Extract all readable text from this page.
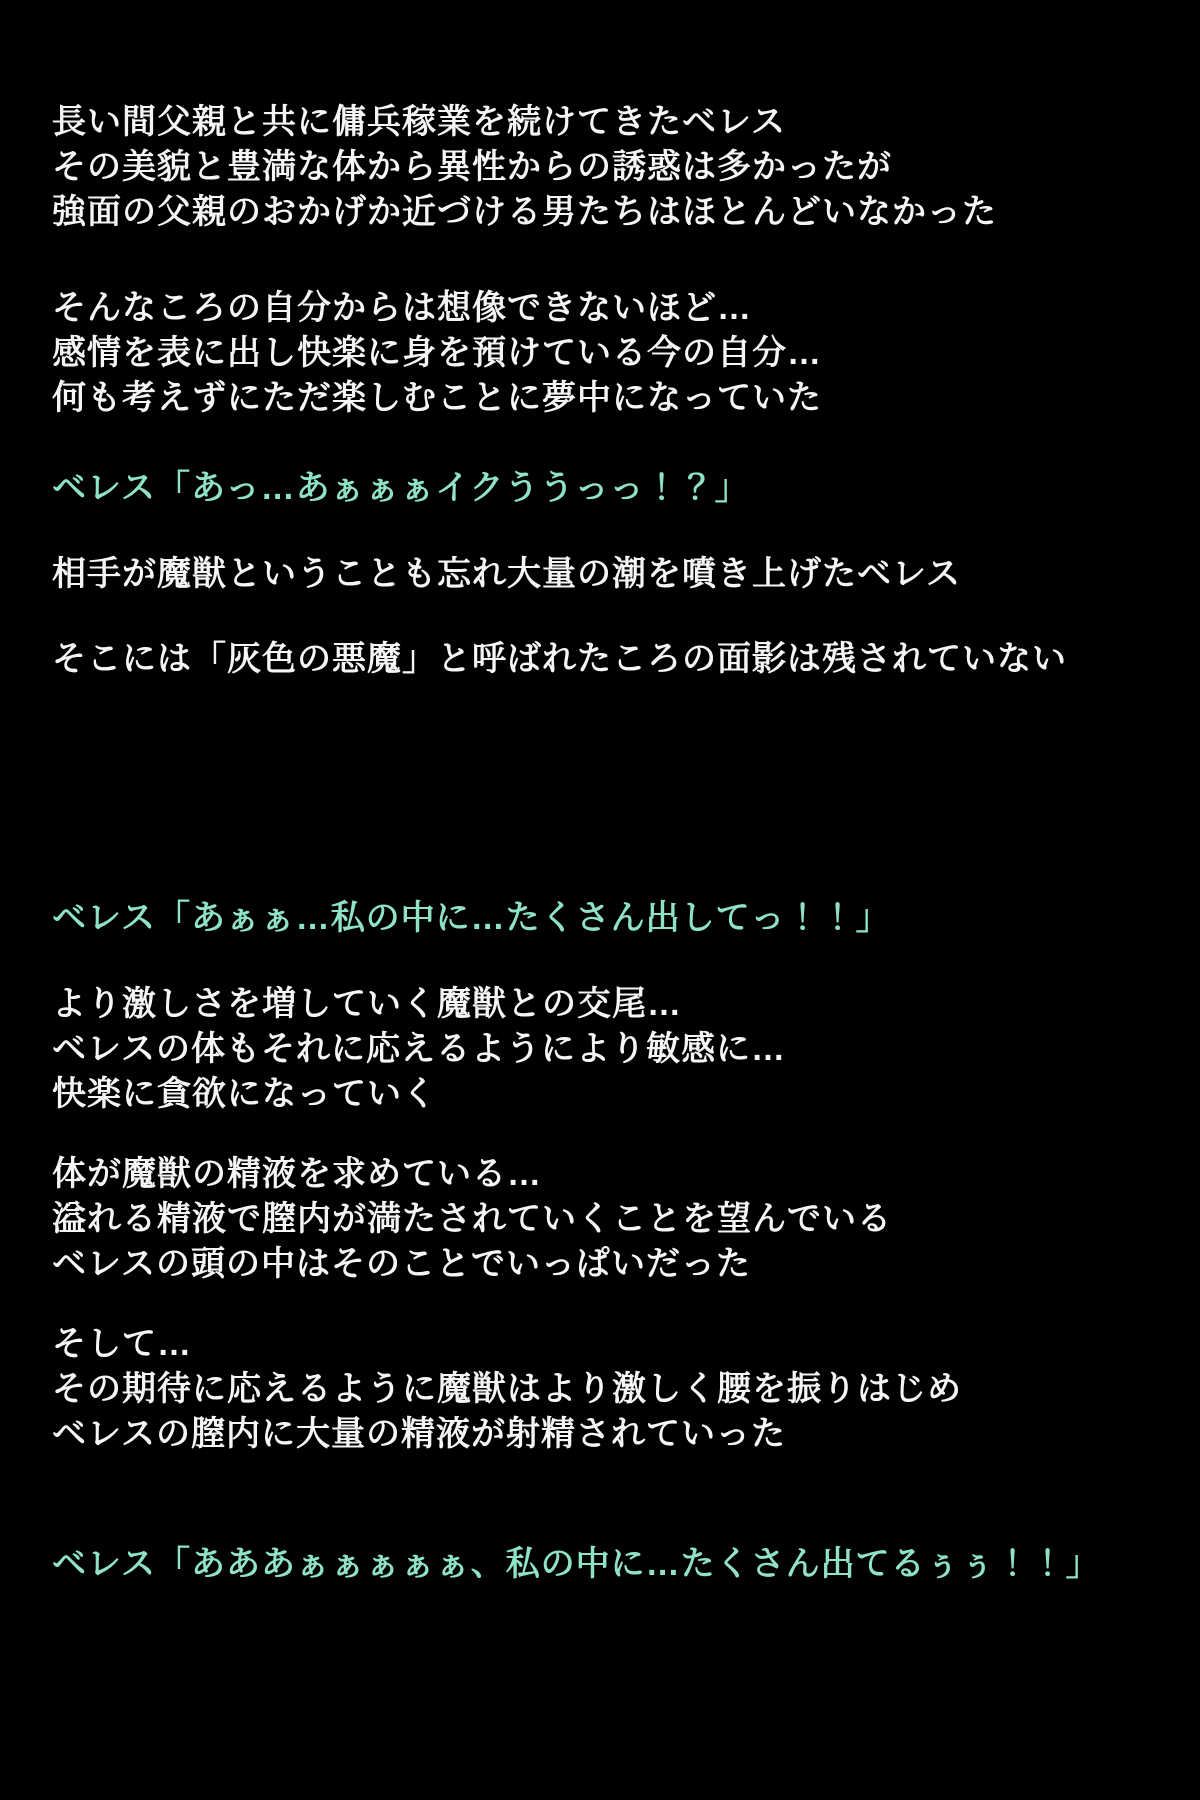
長い間父親と共に傭兵稼業を続けてきたベレス

その美貌と豊満な体から異性からの誘惑は多かったが

強面の父親のおかげか近づける男たちはほとんどいなかった

そんなころの自分からは想像できないほど…

感情を表に出し快楽に身を預けている今の自分…

何も考えずにただ楽しむことに夢中になっていた

ベレス「あっ…あぁぁぁイクううっっ！？」

相手が魔獣ということも忘れ大量の潮を噴き上げたベレス

そこには「灰色の悪魔」と呼ばれたころの面影は残されていない

ベレス「あぁぁ…私の中に…たくさん出してっ！！」

より激しさを増していく魔獣との交尾…

ベレスの体もそれに応えるようにより敏感に…

快楽に貪欲になっていく

体が魔獣の精液を求めている…

溢れる精液で膣内が満たされていくことを望んでいる

ベレスの頭の中はそのことでいっぱいだった

そして…

その期待に応えるように魔獣はより激しく腰を振りはじめ

ベレスの膣内に大量の精液が射精されていった

ベレス「あああぁぁぁぁぁ、私の中に…たくさん出てるぅぅ！！」
